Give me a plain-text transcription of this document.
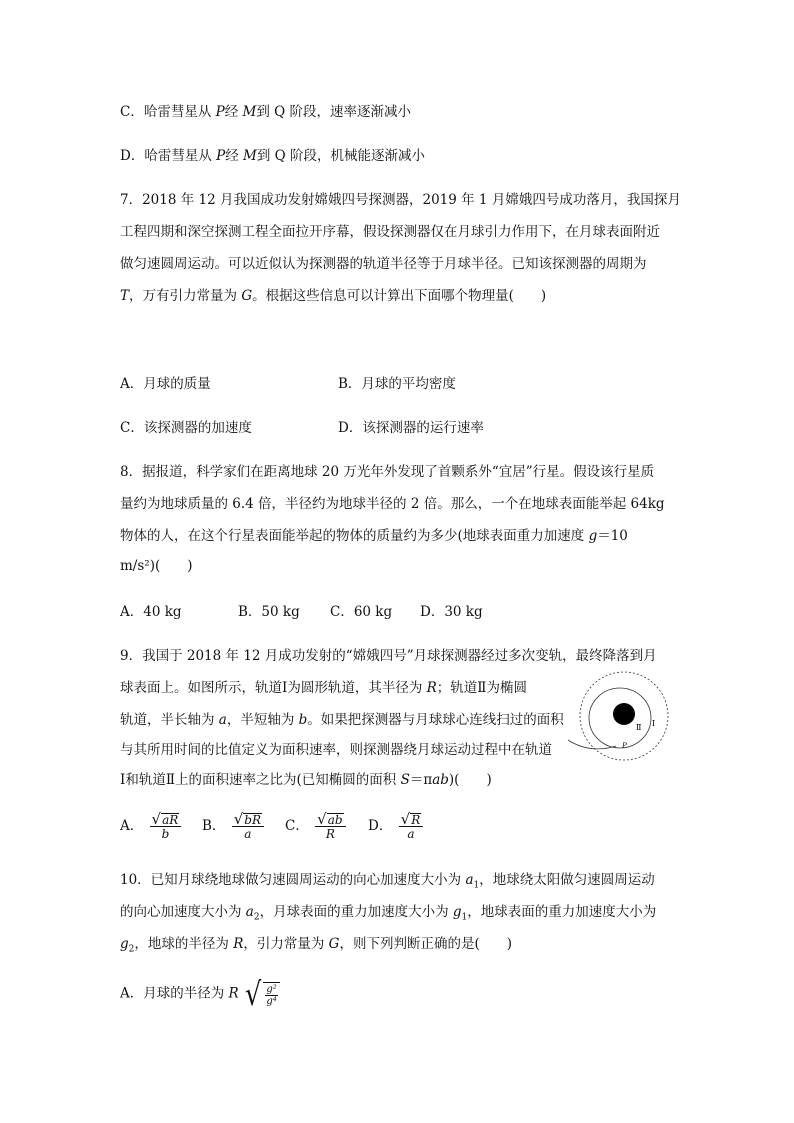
C．哈雷彗星从 P经 M到 Q 阶段，速率逐渐减小
D．哈雷彗星从 P经 M到 Q 阶段，机械能逐渐减小
7．2018 年 12 月我国成功发射嫦娥四号探测器，2019 年 1 月嫦娥四号成功落月，我国探月
工程四期和深空探测工程全面拉开序幕，假设探测器仅在月球引力作用下，在月球表面附近
做匀速圆周运动。可以近似认为探测器的轨道半径等于月球半径。已知该探测器的周期为
T，万有引力常量为 G。根据这些信息可以计算出下面哪个物理量(　　)
A．月球的质量	B．月球的平均密度
C．该探测器的加速度	D．该探测器的运行速率
8．据报道，科学家们在距离地球 20 万光年外发现了首颗系外“宜居”行星。假设该行星质
量约为地球质量的 6.4 倍，半径约为地球半径的 2 倍。那么，一个在地球表面能举起 64kg
物体的人，在这个行星表面能举起的物体的质量约为多少(地球表面重力加速度 g＝10
m/s²)(　　)
A．40 kg	B．50 kg C．60 kg D．30 kg
9．我国于 2018 年 12 月成功发射的“嫦娥四号”月球探测器经过多次变轨，最终降落到月
球表面上。如图所示，轨道Ⅰ为圆形轨道，其半径为 R；轨道Ⅱ为椭圆
轨道，半长轴为 a，半短轴为 b。如果把探测器与月球球心连线扫过的面积
与其所用时间的比值定义为面积速率，则探测器绕月球运动过程中在轨道
Ⅰ和轨道Ⅱ上的面积速率之比为(已知椭圆的面积 S＝πab)(　　)
Ⅰ
Ⅱ
P
A． $\frac{√ aR}{b}$ B． $\frac{√ bR}{a}$ C． $\frac{√ ab}{R}$ D． $\frac{√ R}{a}$
10．已知月球绕地球做匀速圆周运动的向心加速度大小为 $a_1$，地球绕太阳做匀速圆周运动
的向心加速度大小为 $a_2$，月球表面的重力加速度大小为 $g_1$，地球表面的重力加速度大小为
$g_2$，地球的半径为 R，引力常量为 G，则下列判断正确的是(　　)
A．月球的半径为 R √ g²
g⁴
